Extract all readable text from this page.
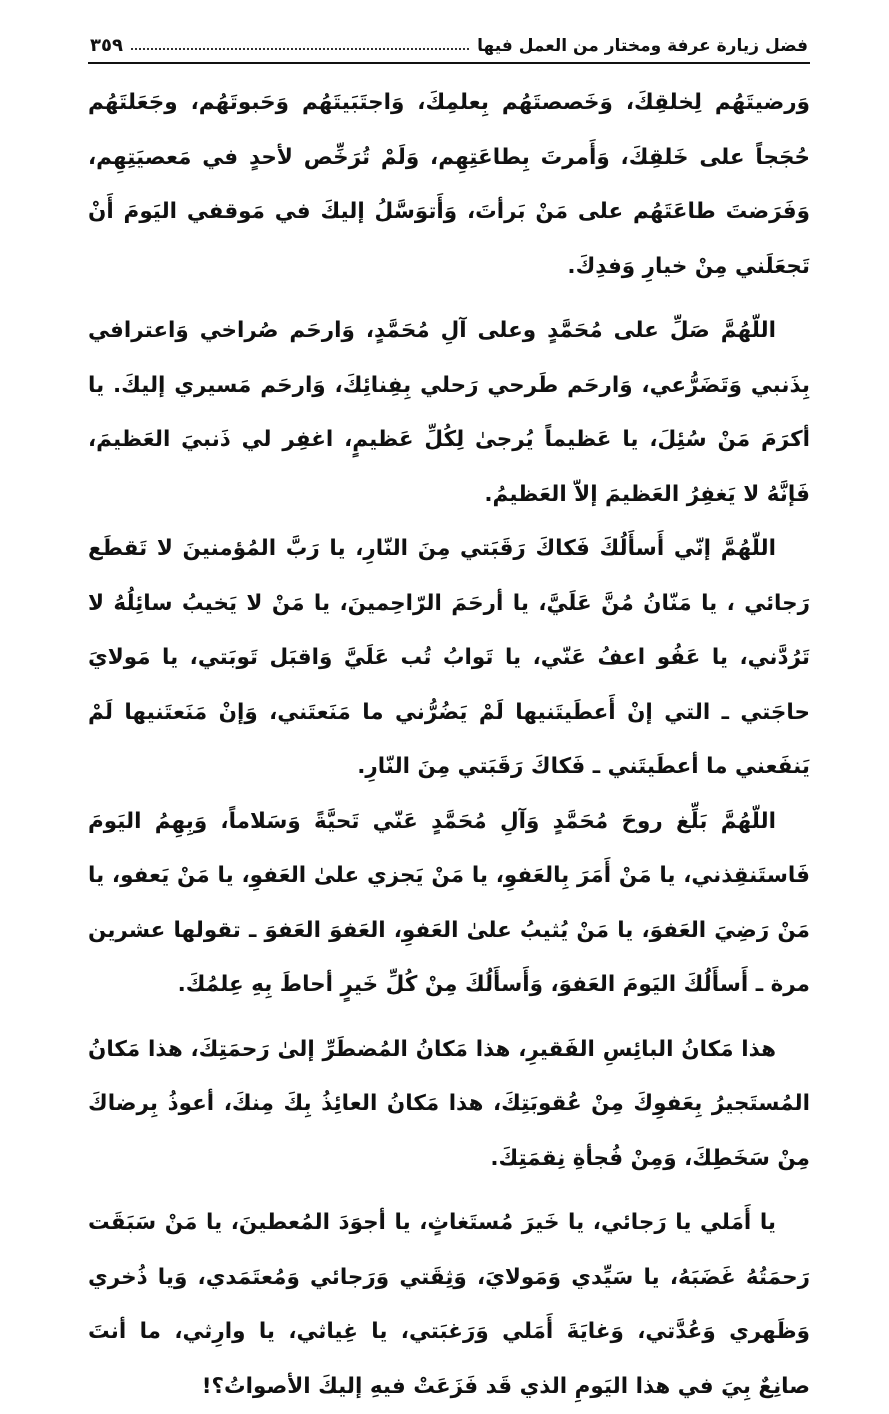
فضل زيارة عرفة ومختار من العمل فيها
٣٥٩

وَرضيتَهُم لِخلقِكَ، وَخَصصتَهُم بِعلمِكَ، وَاجتَبَيتَهُم وَحَبوتَهُم، وجَعَلتَهُم حُجَجاً على خَلقِكَ، وَأَمرتَ بِطاعَتِهِم، وَلَمْ تُرَخِّص لأحدٍ في مَعصيَتِهِم، وَفَرَضتَ طاعَتَهُم على مَنْ بَرأتَ، وَأَتوَسَّلُ إليكَ في مَوقفي اليَومَ أَنْ تَجعَلَني مِنْ خيارِ وَفدِكَ.

اللّهُمَّ صَلِّ على مُحَمَّدٍ وعلى آلِ مُحَمَّدٍ، وَارحَم صُراخي وَاعترافي بِذَنبي وَتَضَرُّعي، وَارحَم طَرحي رَحلي بِفِنائِكَ، وَارحَم مَسيري إليكَ. يا أكرَمَ مَنْ سُئِلَ، يا عَظيماً يُرجىٰ لِكُلِّ عَظيمٍ، اغفِر لي ذَنبيَ العَظيمَ، فَإنَّهُ لا يَغفِرُ العَظيمَ إلاّ العَظيمُ.

اللّهُمَّ إنّي أَسأَلُكَ فَكاكَ رَقَبَتي مِنَ النّارِ، يا رَبَّ المُؤمنينَ لا تَقطَع رَجائي ، يا مَنّانُ مُنَّ عَلَيَّ، يا أرحَمَ الرّاحِمينَ، يا مَنْ لا يَخيبُ سائِلُهُ لا تَرُدَّني، يا عَفُو اعفُ عَنّي، يا تَوابُ تُب عَلَيَّ وَاقبَل تَوبَتي، يا مَولايَ حاجَتي ـ التي إنْ أَعطَيتَنيها لَمْ يَضُرُّني ما مَنَعتَني، وَإنْ مَنَعتَنيها لَمْ يَنفَعني ما أعطَيتَني ـ فَكاكَ رَقَبَتي مِنَ النّارِ.

اللّهُمَّ بَلِّغ روحَ مُحَمَّدٍ وَآلِ مُحَمَّدٍ عَنّي تَحيَّةً وَسَلاماً، وَبِهِمُ اليَومَ فَاستَنقِذني، يا مَنْ أَمَرَ بِالعَفوِ، يا مَنْ يَجزي علىٰ العَفوِ، يا مَنْ يَعفو، يا مَنْ رَضِيَ العَفوَ، يا مَنْ يُثيبُ علىٰ العَفوِ، العَفوَ العَفوَ ـ تقولها عشرين مرة ـ أَسأَلُكَ اليَومَ العَفوَ، وَأَسأَلُكَ مِنْ كُلِّ خَيرٍ أحاطَ بِهِ عِلمُكَ.

هذا مَكانُ البائِسِ الفَقيرِ، هذا مَكانُ المُضطَرِّ إلىٰ رَحمَتِكَ، هذا مَكانُ المُستَجيرُ بِعَفوِكَ مِنْ عُقوبَتِكَ، هذا مَكانُ العائِذُ بِكَ مِنكَ، أعوذُ بِرضاكَ مِنْ سَخَطِكَ، وَمِنْ فُجأةِ نِقمَتِكَ.

يا أَمَلي يا رَجائي، يا خَيرَ مُستَغاثٍ، يا أجوَدَ المُعطينَ، يا مَنْ سَبَقَت رَحمَتُهُ غَضَبَهُ، يا سَيِّدي وَمَولايَ، وَثِقَتي وَرَجائي وَمُعتَمَدي، وَيا ذُخري وَظَهري وَعُدَّتي، وَغايَةَ أَمَلي وَرَغبَتي، يا غِياثي، يا وارِثي، ما أنتَ صانِعٌ بِيَ في هذا اليَومِ الذي قَد فَزَعَتْ فيهِ إليكَ الأصواتُ؟!
